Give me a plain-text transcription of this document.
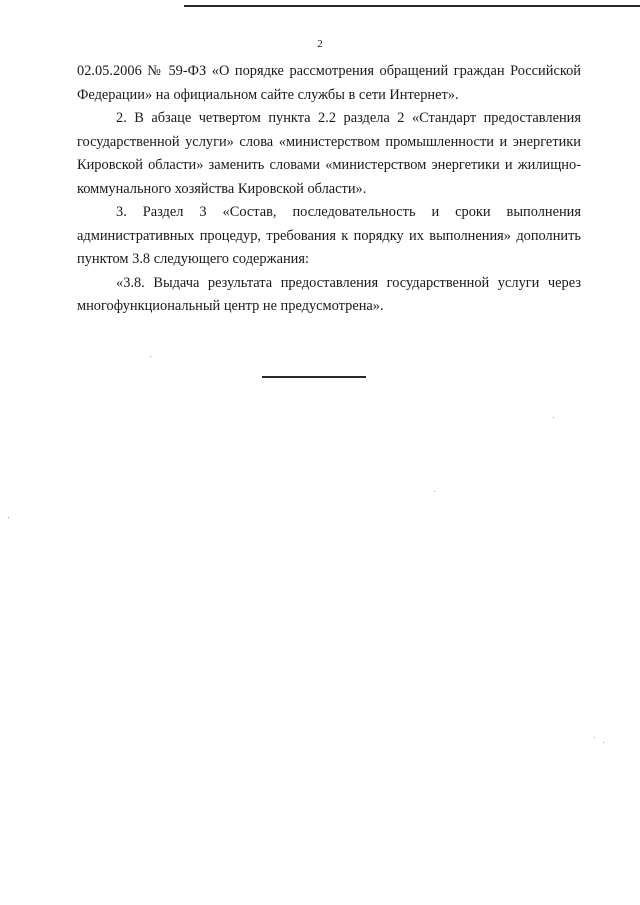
2

02.05.2006 № 59-ФЗ «О порядке рассмотрения обращений граждан Российской Федерации» на официальном сайте службы в сети Интернет».

2. В абзаце четвертом пункта 2.2 раздела 2 «Стандарт предоставления государственной услуги» слова «министерством промышленности и энергетики Кировской области» заменить словами «министерством энергетики и жилищно-коммунального хозяйства Кировской области».

3. Раздел 3 «Состав, последовательность и сроки выполнения административных процедур, требования к порядку их выполнения» дополнить пунктом 3.8 следующего содержания:

«3.8. Выдача результата предоставления государственной услуги через многофункциональный центр не предусмотрена».
